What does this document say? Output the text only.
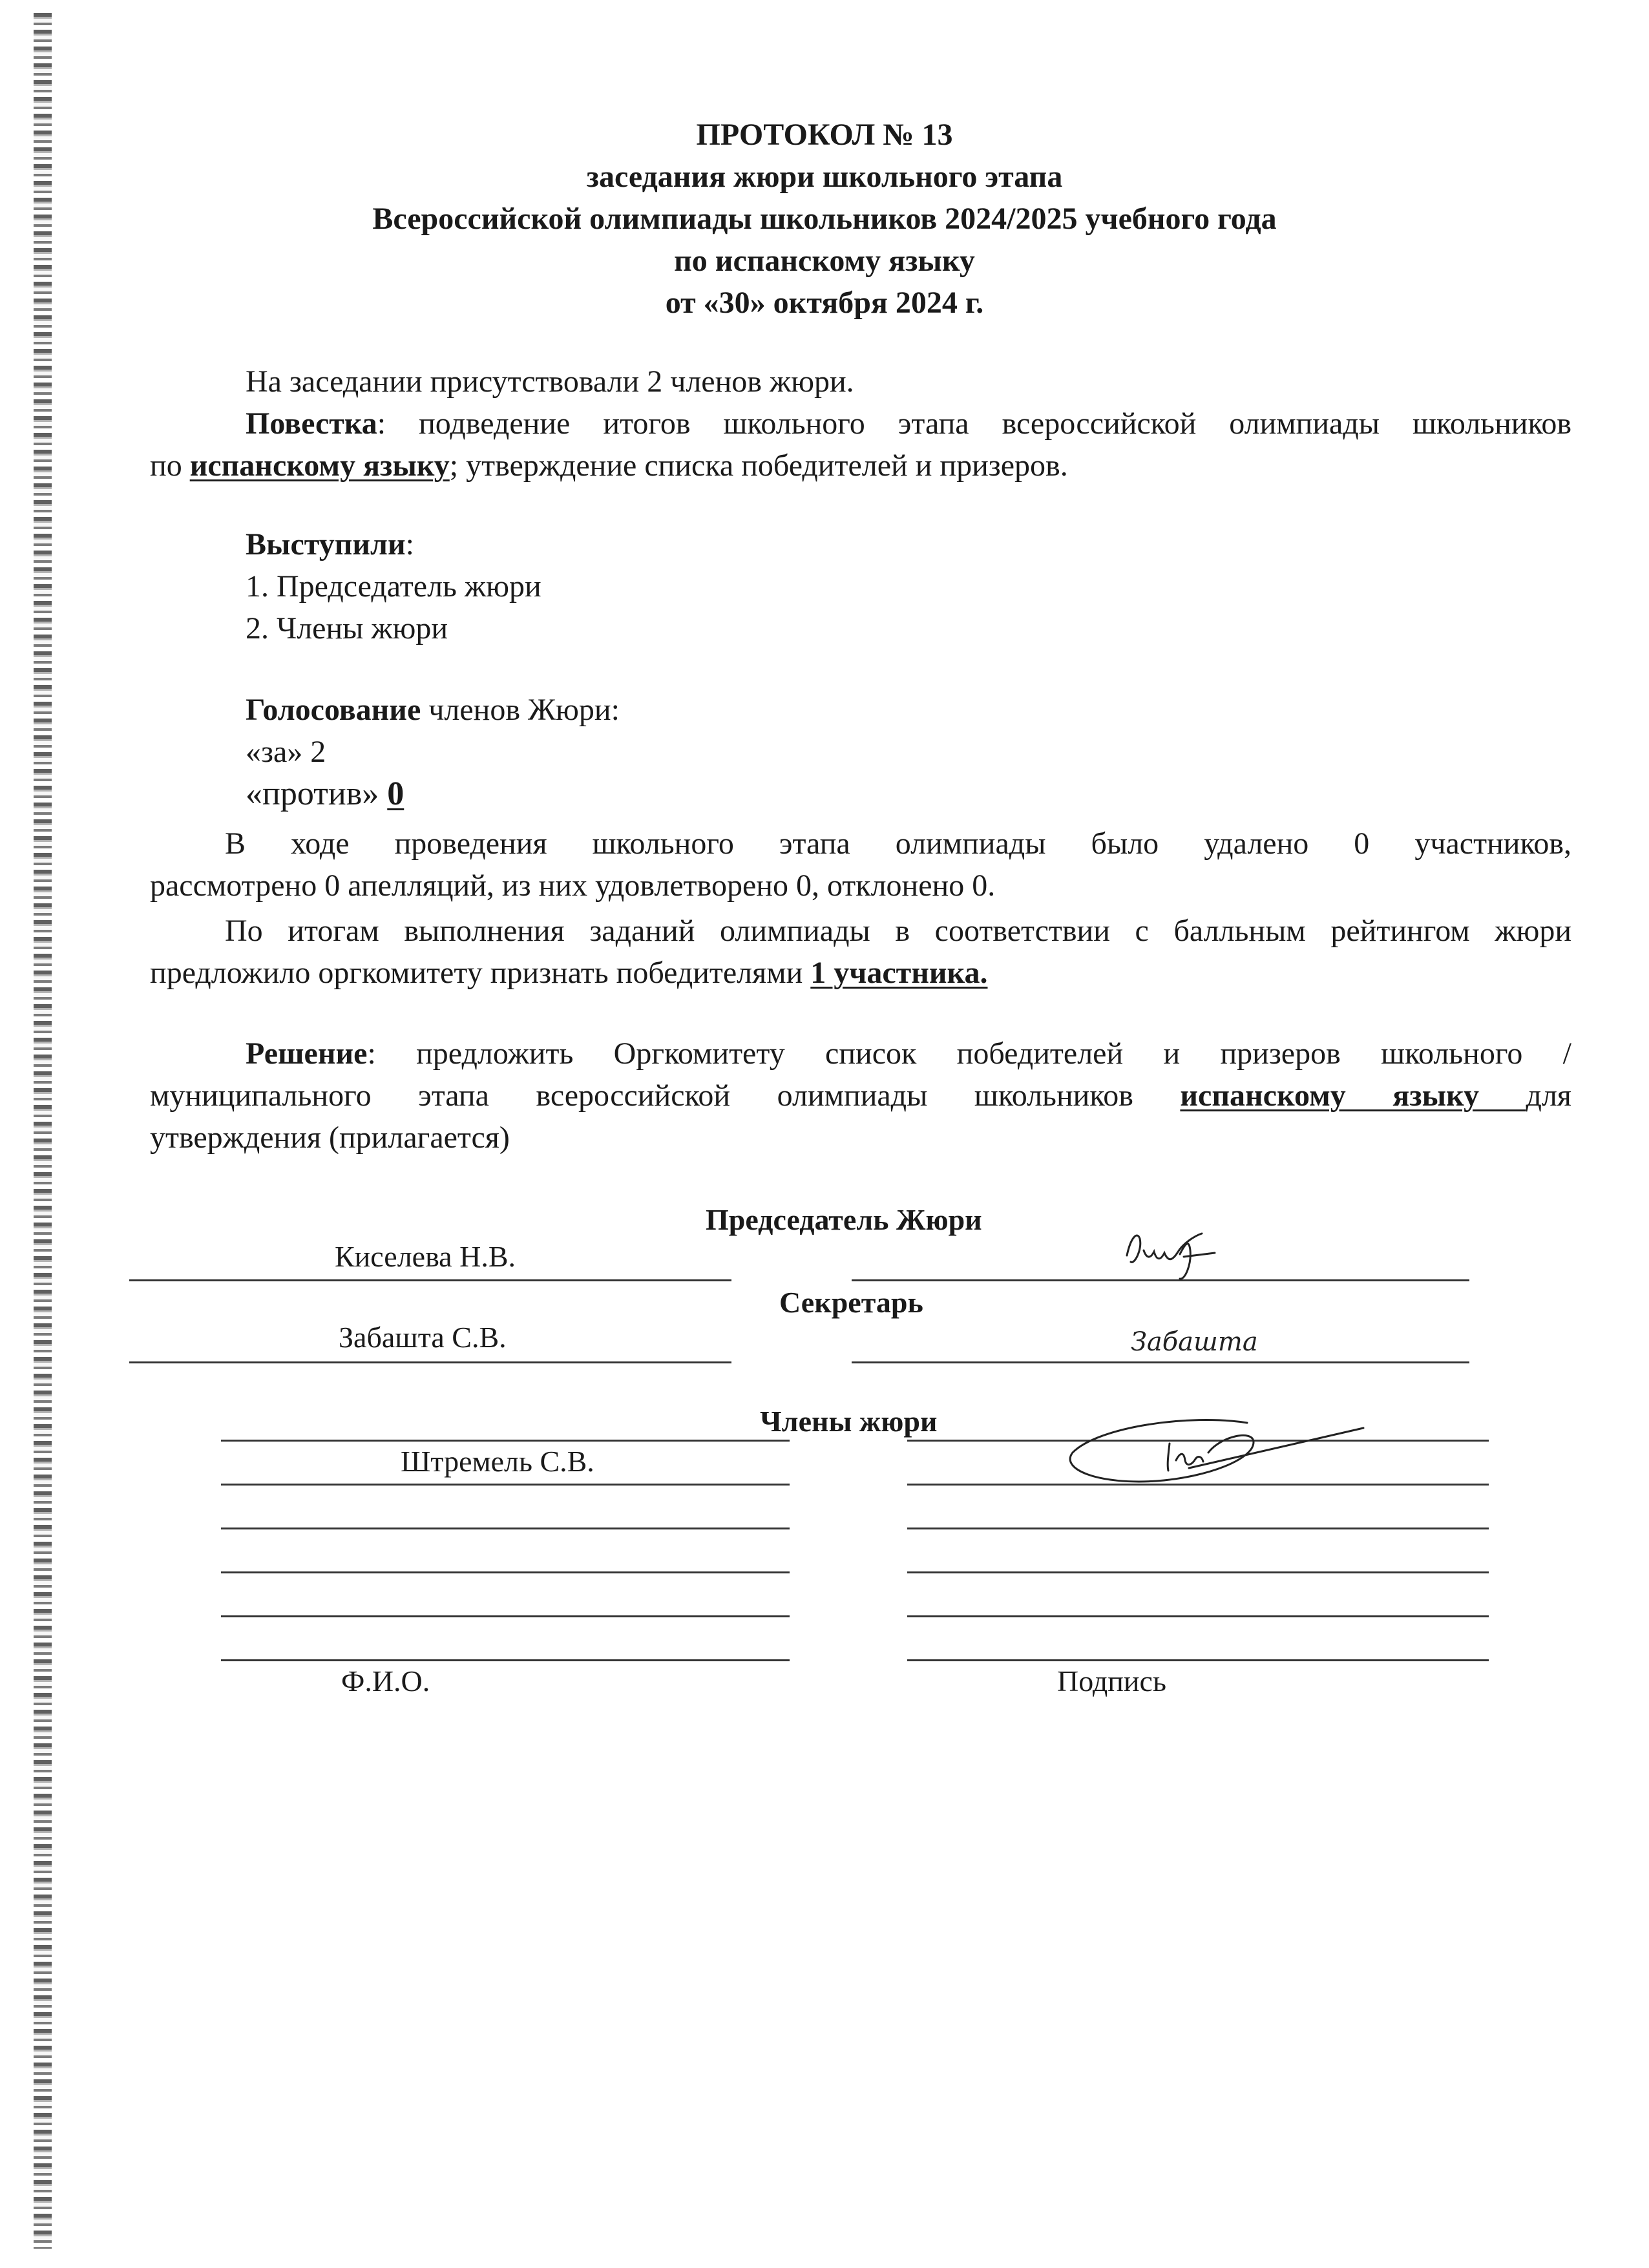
ПРОТОКОЛ № 13
заседания жюри школьного этапа
Всероссийской олимпиады школьников 2024/2025 учебного года
по испанскому языку
от «30» октября 2024 г.
На заседании присутствовали 2 членов жюри.
Повестка: подведение итогов школьного этапа всероссийской олимпиады школьников
по испанскому языку; утверждение списка победителей и призеров.
Выступили:
1. Председатель жюри
2. Члены жюри
Голосование членов Жюри:
«за» 2
«против» 0
В ходе проведения школьного этапа олимпиады было удалено 0 участников,
рассмотрено 0 апелляций, из них удовлетворено 0, отклонено 0.
По итогам выполнения заданий олимпиады в соответствии с балльным рейтингом жюри
предложило оргкомитету признать победителями 1 участника.
Решение: предложить Оргкомитету список победителей и призеров школьного /
муниципального этапа всероссийской олимпиады школьников испанскому языку для
утверждения (прилагается)
Председатель Жюри
Киселева Н.В.
Секретарь
Забашта С.В.	Забашта
Члены жюри
Штремель С.В.
Ф.И.О.	Подпись
